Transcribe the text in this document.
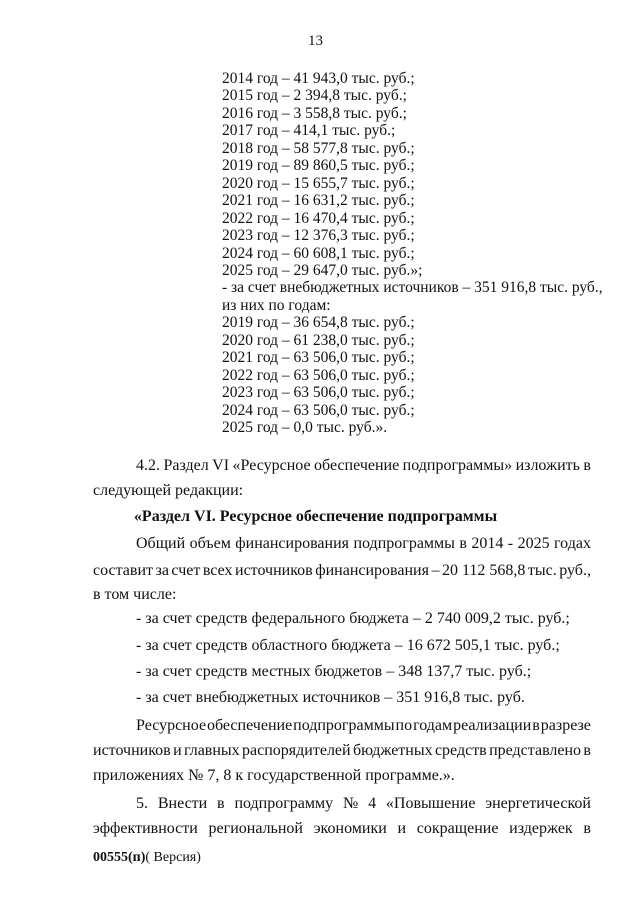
13
2014 год – 41 943,0 тыс. руб.;
2015 год – 2 394,8 тыс. руб.;
2016 год – 3 558,8 тыс. руб.;
2017 год – 414,1 тыс. руб.;
2018 год – 58 577,8 тыс. руб.;
2019 год – 89 860,5 тыс. руб.;
2020 год – 15 655,7 тыс. руб.;
2021 год – 16 631,2 тыс. руб.;
2022 год – 16 470,4 тыс. руб.;
2023 год – 12 376,3 тыс. руб.;
2024 год – 60 608,1 тыс. руб.;
2025 год – 29 647,0 тыс. руб.»;
- за счет внебюджетных источников – 351 916,8 тыс. руб.,
из них по годам:
2019 год – 36 654,8 тыс. руб.;
2020 год – 61 238,0 тыс. руб.;
2021 год – 63 506,0 тыс. руб.;
2022 год – 63 506,0 тыс. руб.;
2023 год – 63 506,0 тыс. руб.;
2024 год – 63 506,0 тыс. руб.;
2025 год – 0,0 тыс. руб.».
4.2. Раздел VI «Ресурсное обеспечение подпрограммы» изложить в
следующей редакции:
«Раздел VI. Ресурсное обеспечение подпрограммы
Общий объем финансирования подпрограммы в 2014 - 2025 годах
составит за счет всех источников финансирования – 20 112 568,8 тыс. руб.,
в том числе:
- за счет средств федерального бюджета – 2 740 009,2 тыс. руб.;
- за счет средств областного бюджета – 16 672 505,1 тыс. руб.;
- за счет средств местных бюджетов – 348 137,7 тыс. руб.;
- за счет внебюджетных источников – 351 916,8 тыс. руб.
Ресурсное обеспечение подпрограммы по годам реализации в разрезе
источников и главных распорядителей бюджетных средств представлено в
приложениях № 7, 8 к государственной программе.».
5. Внести в подпрограмму № 4 «Повышение энергетической
эффективности региональной экономики и сокращение издержек в
00555(п)( Версия)
